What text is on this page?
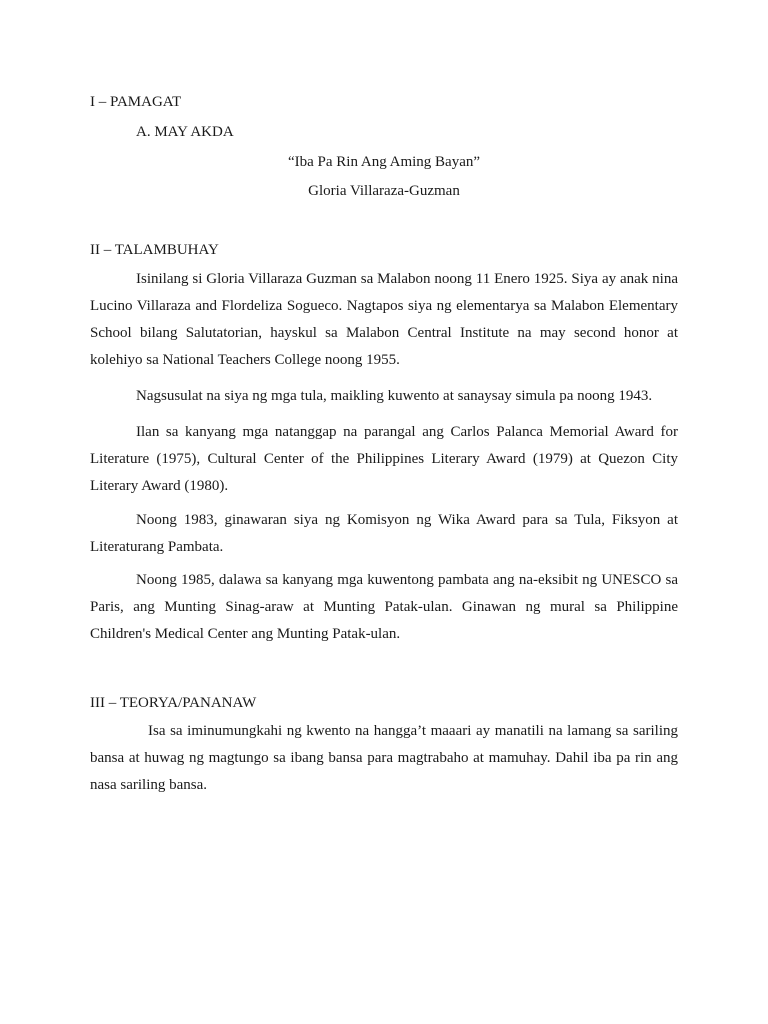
I – PAMAGAT
A. MAY AKDA
“Iba Pa Rin Ang Aming Bayan”
Gloria Villaraza-Guzman
II – TALAMBUHAY

Isinilang si Gloria Villaraza Guzman sa Malabon noong 11 Enero 1925. Siya ay anak nina Lucino Villaraza and Flordeliza Sogueco. Nagtapos siya ng elementarya sa Malabon Elementary School bilang Salutatorian, hayskul sa Malabon Central Institute na may second honor at kolehiyo sa National Teachers College noong 1955.

Nagsusulat na siya ng mga tula, maikling kuwento at sanaysay simula pa noong 1943.

Ilan sa kanyang mga natanggap na parangal ang Carlos Palanca Memorial Award for Literature (1975), Cultural Center of the Philippines Literary Award (1979) at Quezon City Literary Award (1980).

Noong 1983, ginawaran siya ng Komisyon ng Wika Award para sa Tula, Fiksyon at Literaturang Pambata.

Noong 1985, dalawa sa kanyang mga kuwentong pambata ang na-eksibit ng UNESCO sa Paris, ang Munting Sinag-araw at Munting Patak-ulan. Ginawan ng mural sa Philippine Children's Medical Center ang Munting Patak-ulan.

III – TEORYA/PANANAW

Isa sa iminumungkahi ng kwento na hangga’t maaari ay manatili na lamang sa sariling bansa at huwag ng magtungo sa ibang bansa para magtrabaho at mamuhay. Dahil iba pa rin ang nasa sariling bansa.
